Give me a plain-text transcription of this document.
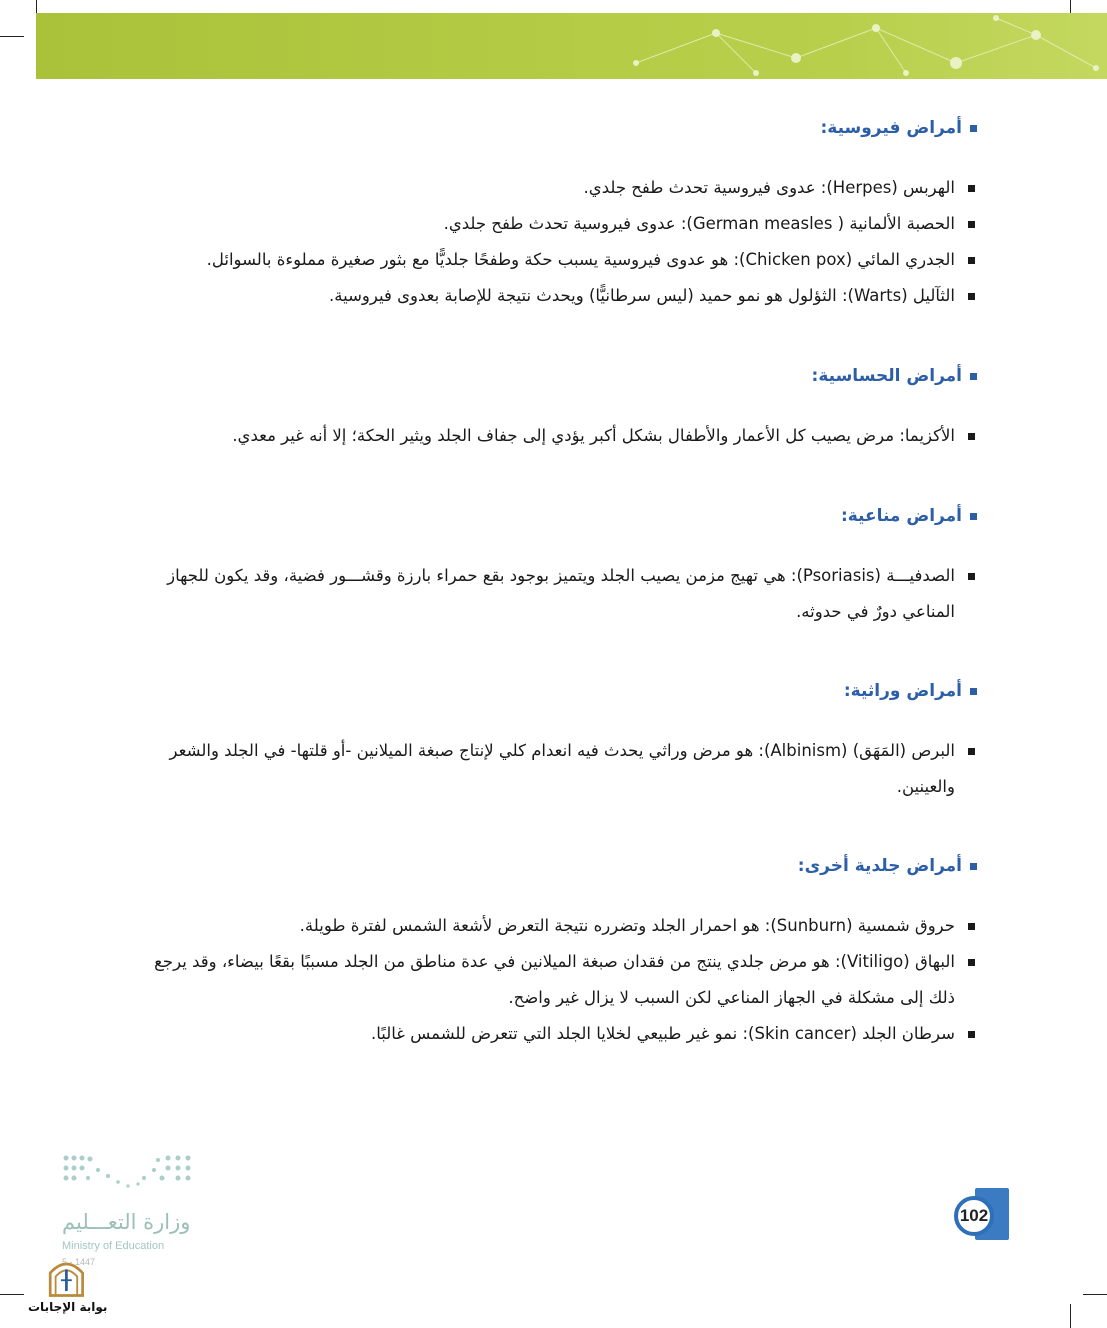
أمراض فيروسية:
الهربس (Herpes): عدوى فيروسية تحدث طفح جلدي.
الحصبة الألمانية ( German measles): عدوى فيروسية تحدث طفح جلدي.
الجدري المائي (Chicken pox): هو عدوى فيروسية يسبب حكة وطفحًا جلديًّا مع بثور صغيرة مملوءة بالسوائل.
الثآليل (Warts): الثؤلول هو نمو حميد (ليس سرطانيًّا) ويحدث نتيجة للإصابة بعدوى فيروسية.
أمراض الحساسية:
الأكزيما: مرض يصيب كل الأعمار والأطفال بشكل أكبر يؤدي إلى جفاف الجلد ويثير الحكة؛ إلا أنه غير معدي.
أمراض مناعية:
الصدفيـــة (Psoriasis): هي تهيج مزمن يصيب الجلد ويتميز بوجود بقع حمراء بارزة وقشـــور فضية، وقد يكون للجهاز المناعي دورٌ في حدوثه.
أمراض وراثية:
البرص (المَهَق) (Albinism): هو مرض وراثي يحدث فيه انعدام كلي لإنتاج صبغة الميلانين -أو قلتها- في الجلد والشعر والعينين.
أمراض جلدية أخرى:
حروق شمسية (Sunburn): هو احمرار الجلد وتضرره نتيجة التعرض لأشعة الشمس لفترة طويلة.
البهاق (Vitiligo): هو مرض جلدي ينتج من فقدان صبغة الميلانين في عدة مناطق من الجلد مسببًا بقعًا بيضاء، وقد يرجع ذلك إلى مشكلة في الجهاز المناعي لكن السبب لا يزال غير واضح.
سرطان الجلد (Skin cancer): نمو غير طبيعي لخلايا الجلد التي تتعرض للشمس غالبًا.
وزارة التعـــليم
Ministry of Education
5 - 1447
102
بوابة الإجابات
